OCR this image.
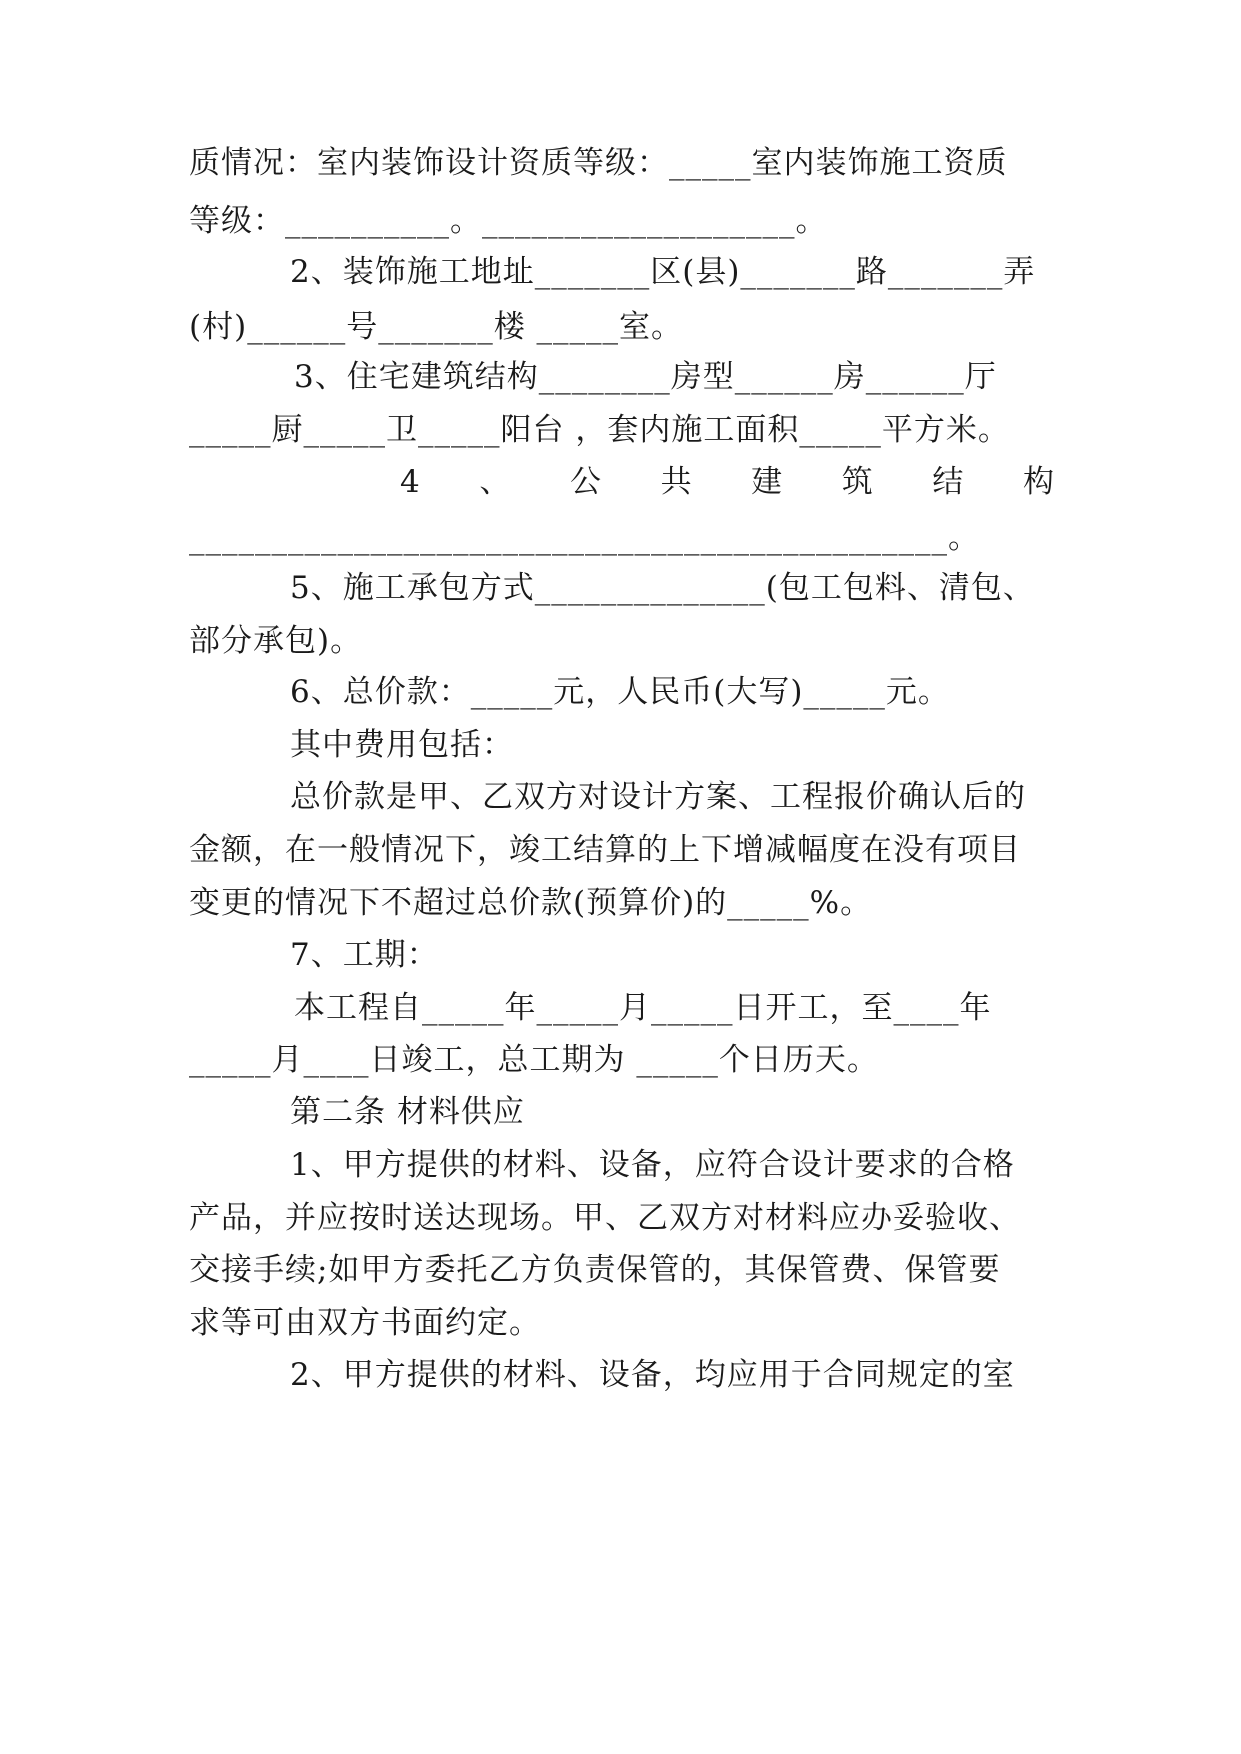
质情况：室内装饰设计资质等级：_____室内装饰施工资质
等级：__________。___________________。
2、装饰施工地址_______区(县)_______路_______弄
(村)______号_______楼 _____室。
3、住宅建筑结构________房型______房______厅
_____厨_____卫_____阳台 ，套内施工面积_____平方米。
4 、 公 共 建 筑 结 构
______________________________________________。
5、施工承包方式______________(包工包料、清包、
部分承包)。
6、总价款：_____元，人民币(大写)_____元。
其中费用包括：
总价款是甲、乙双方对设计方案、工程报价确认后的
金额，在一般情况下，竣工结算的上下增减幅度在没有项目
变更的情况下不超过总价款(预算价)的_____%。
7、工期：
本工程自_____年_____月_____日开工，至____年
_____月____日竣工，总工期为 _____个日历天。
第二条 材料供应
1、甲方提供的材料、设备，应符合设计要求的合格
产品，并应按时送达现场。甲、乙双方对材料应办妥验收、
交接手续;如甲方委托乙方负责保管的，其保管费、保管要
求等可由双方书面约定。
2、甲方提供的材料、设备，均应用于合同规定的室
